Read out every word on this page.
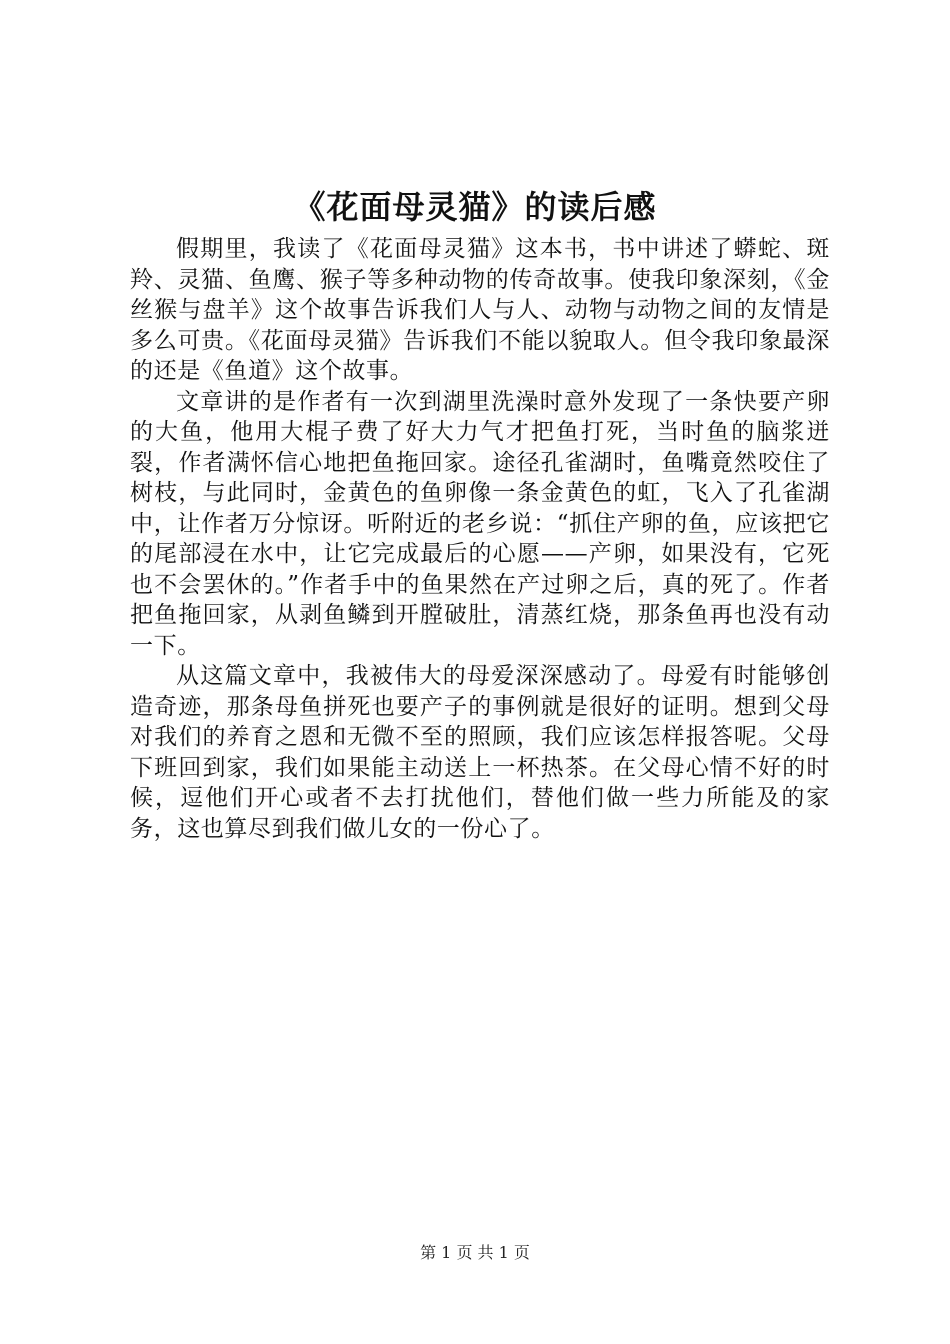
《花面母灵猫》的读后感

假期里，我读了《花面母灵猫》这本书，书中讲述了蟒蛇、斑羚、灵猫、鱼鹰、猴子等多种动物的传奇故事。使我印象深刻，《金丝猴与盘羊》这个故事告诉我们人与人、动物与动物之间的友情是多么可贵。《花面母灵猫》告诉我们不能以貌取人。但令我印象最深的还是《鱼道》这个故事。

文章讲的是作者有一次到湖里洗澡时意外发现了一条快要产卵的大鱼，他用大棍子费了好大力气才把鱼打死，当时鱼的脑浆迸裂，作者满怀信心地把鱼拖回家。途径孔雀湖时，鱼嘴竟然咬住了树枝，与此同时，金黄色的鱼卵像一条金黄色的虹，飞入了孔雀湖中，让作者万分惊讶。听附近的老乡说：“抓住产卵的鱼，应该把它的尾部浸在水中，让它完成最后的心愿——产卵，如果没有，它死也不会罢休的。”作者手中的鱼果然在产过卵之后，真的死了。作者把鱼拖回家，从剥鱼鳞到开膛破肚，清蒸红烧，那条鱼再也没有动一下。

从这篇文章中，我被伟大的母爱深深感动了。母爱有时能够创造奇迹，那条母鱼拼死也要产子的事例就是很好的证明。想到父母对我们的养育之恩和无微不至的照顾，我们应该怎样报答呢。父母下班回到家，我们如果能主动送上一杯热茶。在父母心情不好的时候，逗他们开心或者不去打扰他们，替他们做一些力所能及的家务，这也算尽到我们做儿女的一份心了。

第 1 页 共 1 页
